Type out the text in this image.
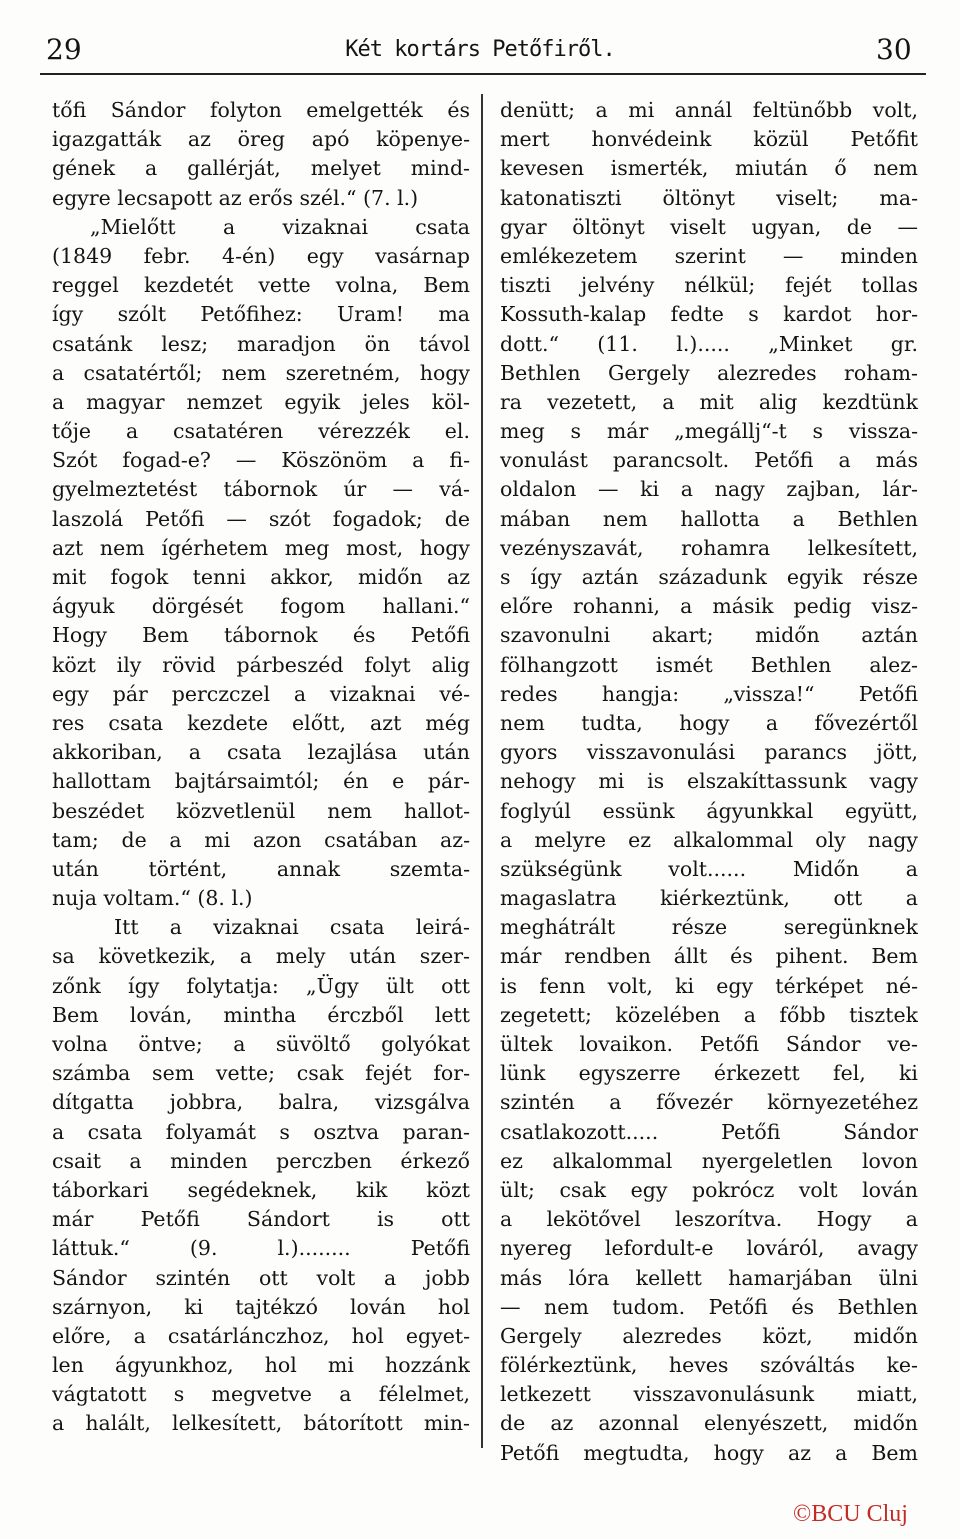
29	Két kortárs Petőfiről.	30
tőfi Sándor folyton emelgették és
igazgatták az öreg apó köpenye-
gének a gallérját, melyet mind-
egyre lecsapott az erős szél.“ (7. l.)
„Mielőtt a vizaknai csata
(1849 febr. 4-én) egy vasárnap
reggel kezdetét vette volna, Bem
így szólt Petőfihez: Uram! ma
csatánk lesz; maradjon ön távol
a csatatértől; nem szeretném, hogy
a magyar nemzet egyik jeles köl-
tője a csatatéren vérezzék el.
Szót fogad-e? — Köszönöm a fi-
gyelmeztetést tábornok úr — vá-
laszolá Petőfi — szót fogadok; de
azt nem ígérhetem meg most, hogy
mit fogok tenni akkor, midőn az
ágyuk dörgését fogom hallani.“
Hogy Bem tábornok és Petőfi
közt ily rövid párbeszéd folyt alig
egy pár perczczel a vizaknai vé-
res csata kezdete előtt, azt még
akkoriban, a csata lezajlása után
hallottam bajtársaimtól; én e pár-
beszédet közvetlenül nem hallot-
tam; de a mi azon csatában az-
után történt, annak szemta-
nuja voltam.“ (8. l.)
Itt a vizaknai csata leirá-
sa következik, a mely után szer-
zőnk így folytatja: „Ügy ült ott
Bem lován, mintha érczből lett
volna öntve; a süvöltő golyókat
számba sem vette; csak fejét for-
dítgatta jobbra, balra, vizsgálva
a csata folyamát s osztva paran-
csait a minden perczben érkező
táborkari segédeknek, kik közt
már Petőfi Sándort is ott
láttuk.“ (9. l.)........ Petőfi
Sándor szintén ott volt a jobb
szárnyon, ki tajtékzó lován hol
előre, a csatárlánczhoz, hol egyet-
len ágyunkhoz, hol mi hozzánk
vágtatott s megvetve a félelmet,
a halált, lelkesített, bátorított min-
denütt; a mi annál feltünőbb volt,
mert honvédeink közül Petőfit
kevesen ismerték, miután ő nem
katonatiszti öltönyt viselt; ma-
gyar öltönyt viselt ugyan, de —
emlékezetem szerint — minden
tiszti jelvény nélkül; fejét tollas
Kossuth-kalap fedte s kardot hor-
dott.“ (11. l.)..... „Minket gr.
Bethlen Gergely alezredes roham-
ra vezetett, a mit alig kezdtünk
meg s már „megállj“-t s vissza-
vonulást parancsolt. Petőfi a más
oldalon — ki a nagy zajban, lár-
mában nem hallotta a Bethlen
vezényszavát, rohamra lelkesített,
s így aztán századunk egyik része
előre rohanni, a másik pedig visz-
szavonulni akart; midőn aztán
fölhangzott ismét Bethlen alez-
redes hangja: „vissza!“ Petőfi
nem tudta, hogy a fővezértől
gyors visszavonulási parancs jött,
nehogy mi is elszakíttassunk vagy
foglyúl essünk ágyunkkal együtt,
a melyre ez alkalommal oly nagy
szükségünk volt...... Midőn a
magaslatra kiérkeztünk, ott a
meghátrált része seregünknek
már rendben állt és pihent. Bem
is fenn volt, ki egy térképet né-
zegetett; közelében a főbb tisztek
ültek lovaikon. Petőfi Sándor ve-
lünk egyszerre érkezett fel, ki
szintén a fővezér környezetéhez
csatlakozott..... Petőfi Sándor
ez alkalommal nyergeletlen lovon
ült; csak egy pokrócz volt lován
a lekötővel leszorítva. Hogy a
nyereg lefordult-e lováról, avagy
más lóra kellett hamarjában ülni
— nem tudom. Petőfi és Bethlen
Gergely alezredes közt, midőn
fölérkeztünk, heves szóváltás ke-
letkezett visszavonulásunk miatt,
de az azonnal elenyészett, midőn
Petőfi megtudta, hogy az a Bem
©BCU Cluj
